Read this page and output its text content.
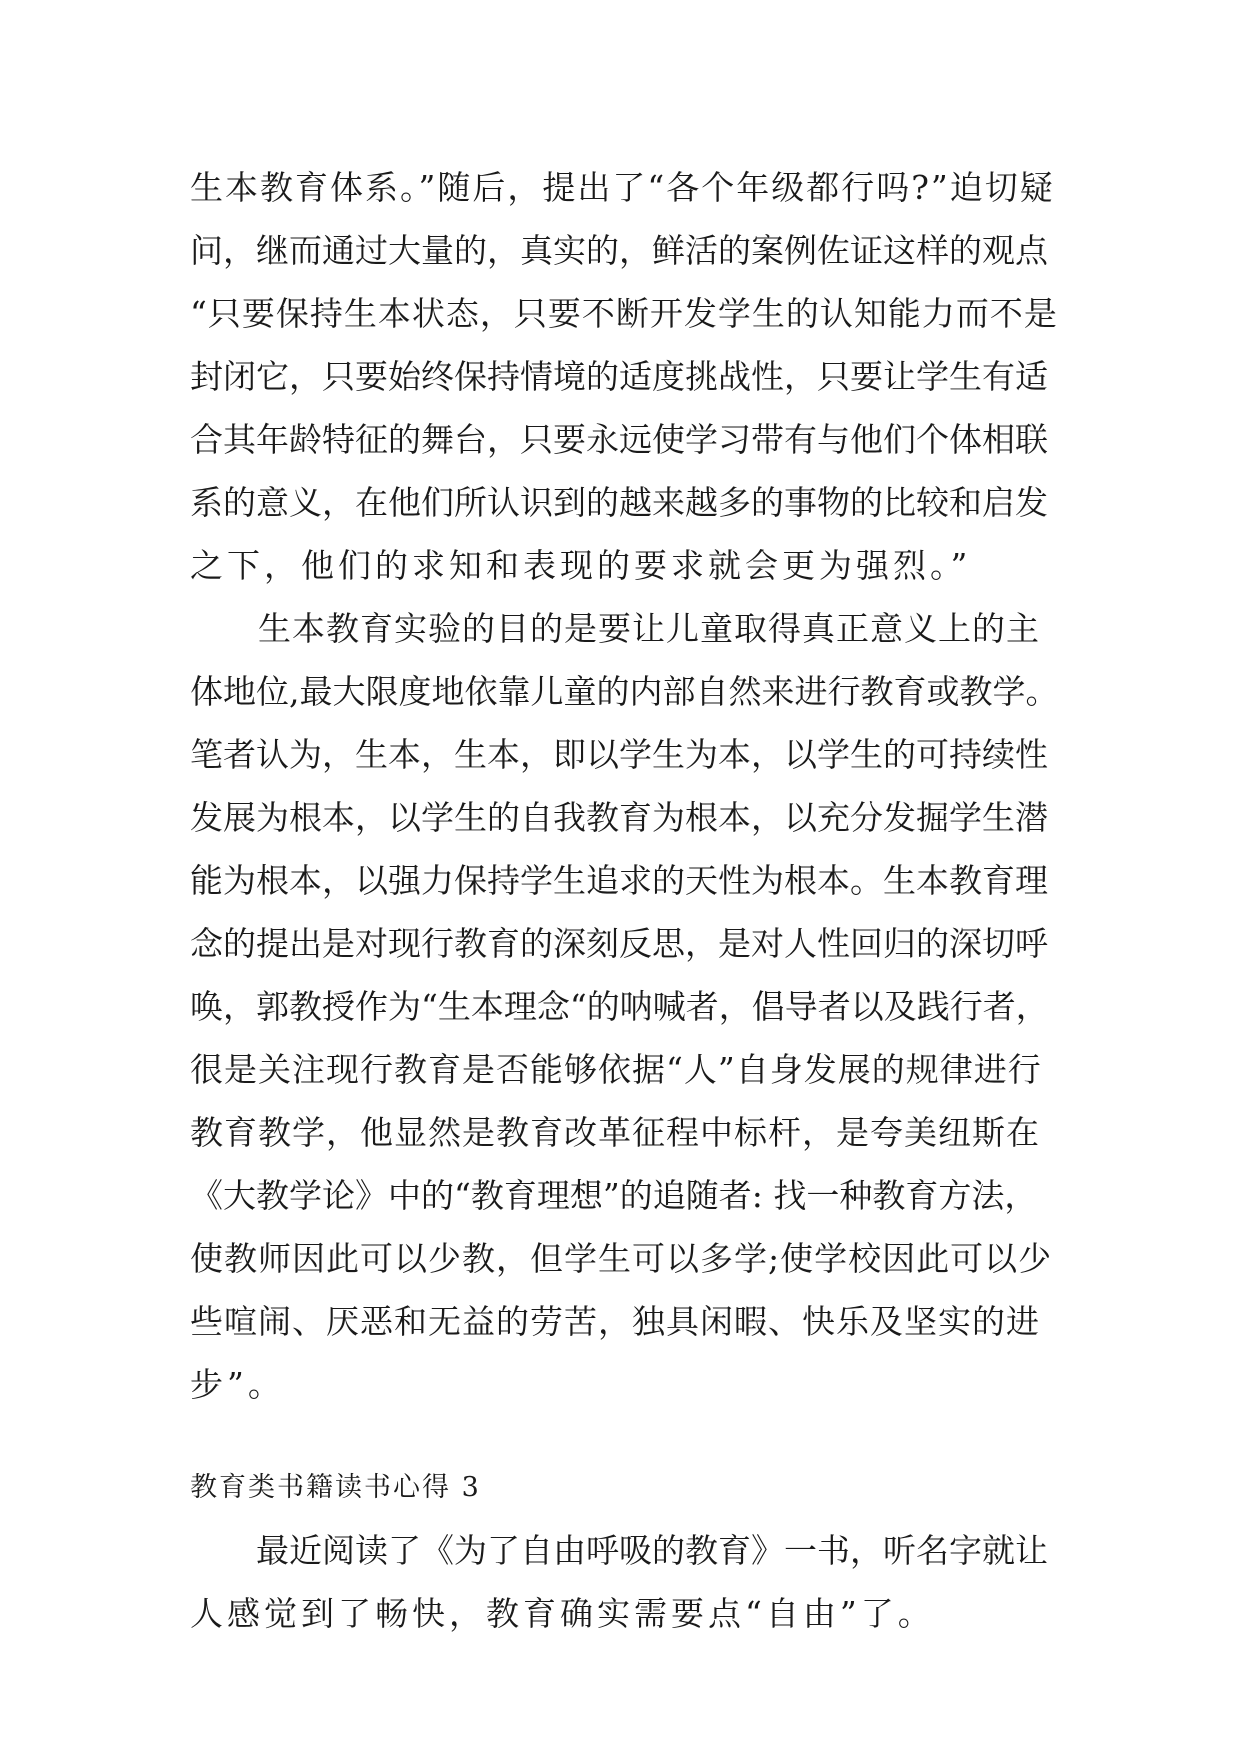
生本教育体系。”随后，提出了“各个年级都行吗?”迫切疑
问，继而通过大量的，真实的，鲜活的案例佐证这样的观点
“只要保持生本状态，只要不断开发学生的认知能力而不是
封闭它，只要始终保持情境的适度挑战性，只要让学生有适
合其年龄特征的舞台，只要永远使学习带有与他们个体相联
系的意义，在他们所认识到的越来越多的事物的比较和启发
之下，他们的求知和表现的要求就会更为强烈。”
　　生本教育实验的目的是要让儿童取得真正意义上的主
体地位,最大限度地依靠儿童的内部自然来进行教育或教学。
笔者认为，生本，生本，即以学生为本，以学生的可持续性
发展为根本，以学生的自我教育为根本，以充分发掘学生潜
能为根本，以强力保持学生追求的天性为根本。生本教育理
念的提出是对现行教育的深刻反思，是对人性回归的深切呼
唤，郭教授作为“生本理念“的呐喊者，倡导者以及践行者，
很是关注现行教育是否能够依据“人”自身发展的规律进行
教育教学，他显然是教育改革征程中标杆，是夸美纽斯在
《大教学论》中的“教育理想”的追随者: 找一种教育方法，
使教师因此可以少教，但学生可以多学;使学校因此可以少
些喧闹、厌恶和无益的劳苦，独具闲暇、快乐及坚实的进
步”。
教育类书籍读书心得 3
　　最近阅读了《为了自由呼吸的教育》一书，听名字就让
人感觉到了畅快，教育确实需要点“自由”了。
